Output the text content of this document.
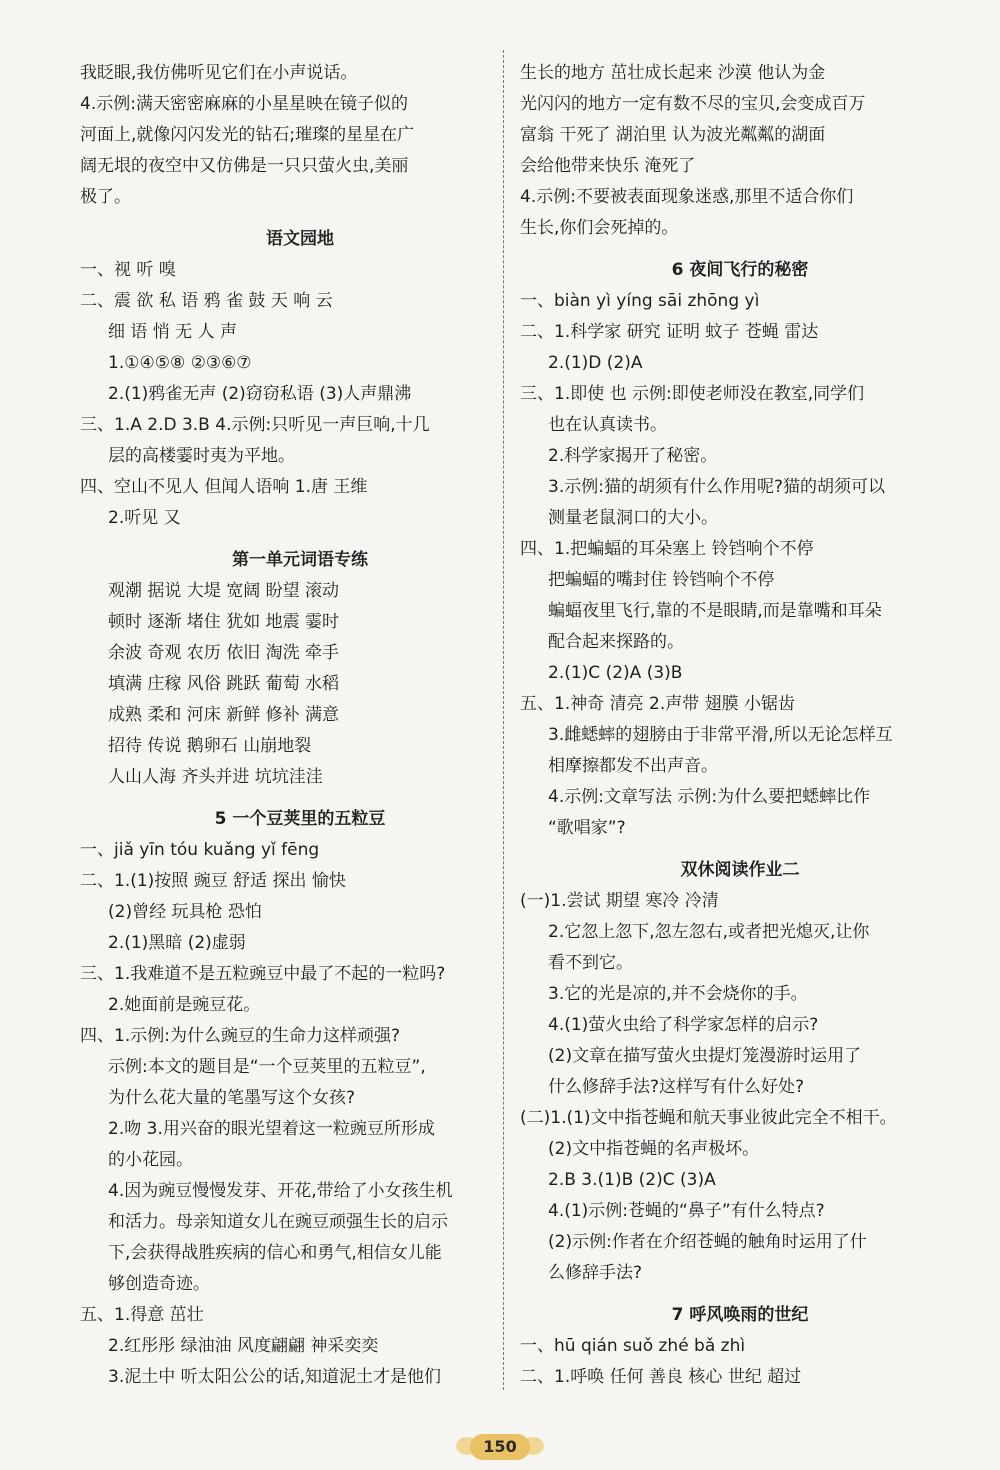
我眨眼,我仿佛听见它们在小声说话。
4.示例:满天密密麻麻的小星星映在镜子似的
河面上,就像闪闪发光的钻石;璀璨的星星在广
阔无垠的夜空中又仿佛是一只只萤火虫,美丽
极了。
语文园地
一、视 听 嗅
二、震 欲 私 语 鸦 雀 鼓 天 响 云
细 语 悄 无 人 声
1.①④⑤⑧ ②③⑥⑦
2.(1)鸦雀无声 (2)窃窃私语 (3)人声鼎沸
三、1.A 2.D 3.B 4.示例:只听见一声巨响,十几
层的高楼霎时夷为平地。
四、空山不见人 但闻人语响 1.唐 王维
2.听见 又
第一单元词语专练
观潮 据说 大堤 宽阔 盼望 滚动
顿时 逐渐 堵住 犹如 地震 霎时
余波 奇观 农历 依旧 淘洗 牵手
填满 庄稼 风俗 跳跃 葡萄 水稻
成熟 柔和 河床 新鲜 修补 满意
招待 传说 鹅卵石 山崩地裂
人山人海 齐头并进 坑坑洼洼
5 一个豆荚里的五粒豆
一、jiǎ yīn tóu kuǎng yǐ fēng
二、1.(1)按照 豌豆 舒适 探出 愉快
(2)曾经 玩具枪 恐怕
2.(1)黑暗 (2)虚弱
三、1.我难道不是五粒豌豆中最了不起的一粒吗?
2.她面前是豌豆花。
四、1.示例:为什么豌豆的生命力这样顽强?
示例:本文的题目是“一个豆荚里的五粒豆”,
为什么花大量的笔墨写这个女孩?
2.吻 3.用兴奋的眼光望着这一粒豌豆所形成
的小花园。
4.因为豌豆慢慢发芽、开花,带给了小女孩生机
和活力。母亲知道女儿在豌豆顽强生长的启示
下,会获得战胜疾病的信心和勇气,相信女儿能
够创造奇迹。
五、1.得意 茁壮
2.红彤彤 绿油油 风度翩翩 神采奕奕
3.泥土中 听太阳公公的话,知道泥土才是他们
生长的地方 茁壮成长起来 沙漠 他认为金
光闪闪的地方一定有数不尽的宝贝,会变成百万
富翁 干死了 湖泊里 认为波光粼粼的湖面
会给他带来快乐 淹死了
4.示例:不要被表面现象迷惑,那里不适合你们
生长,你们会死掉的。
6 夜间飞行的秘密
一、biàn yì yíng sāi zhōng yì
二、1.科学家 研究 证明 蚊子 苍蝇 雷达
2.(1)D (2)A
三、1.即使 也 示例:即使老师没在教室,同学们
也在认真读书。
2.科学家揭开了秘密。
3.示例:猫的胡须有什么作用呢?猫的胡须可以
测量老鼠洞口的大小。
四、1.把蝙蝠的耳朵塞上 铃铛响个不停
把蝙蝠的嘴封住 铃铛响个不停
蝙蝠夜里飞行,靠的不是眼睛,而是靠嘴和耳朵
配合起来探路的。
2.(1)C (2)A (3)B
五、1.神奇 清亮 2.声带 翅膜 小锯齿
3.雌蟋蟀的翅膀由于非常平滑,所以无论怎样互
相摩擦都发不出声音。
4.示例:文章写法 示例:为什么要把蟋蟀比作
“歌唱家”?
双休阅读作业二
(一)1.尝试 期望 寒冷 冷清
2.它忽上忽下,忽左忽右,或者把光熄灭,让你
看不到它。
3.它的光是凉的,并不会烧你的手。
4.(1)萤火虫给了科学家怎样的启示?
(2)文章在描写萤火虫提灯笼漫游时运用了
什么修辞手法?这样写有什么好处?
(二)1.(1)文中指苍蝇和航天事业彼此完全不相干。
(2)文中指苍蝇的名声极坏。
2.B 3.(1)B (2)C (3)A
4.(1)示例:苍蝇的“鼻子”有什么特点?
(2)示例:作者在介绍苍蝇的触角时运用了什
么修辞手法?
7 呼风唤雨的世纪
一、hū qián suǒ zhé bǎ zhì
二、1.呼唤 任何 善良 核心 世纪 超过
150
